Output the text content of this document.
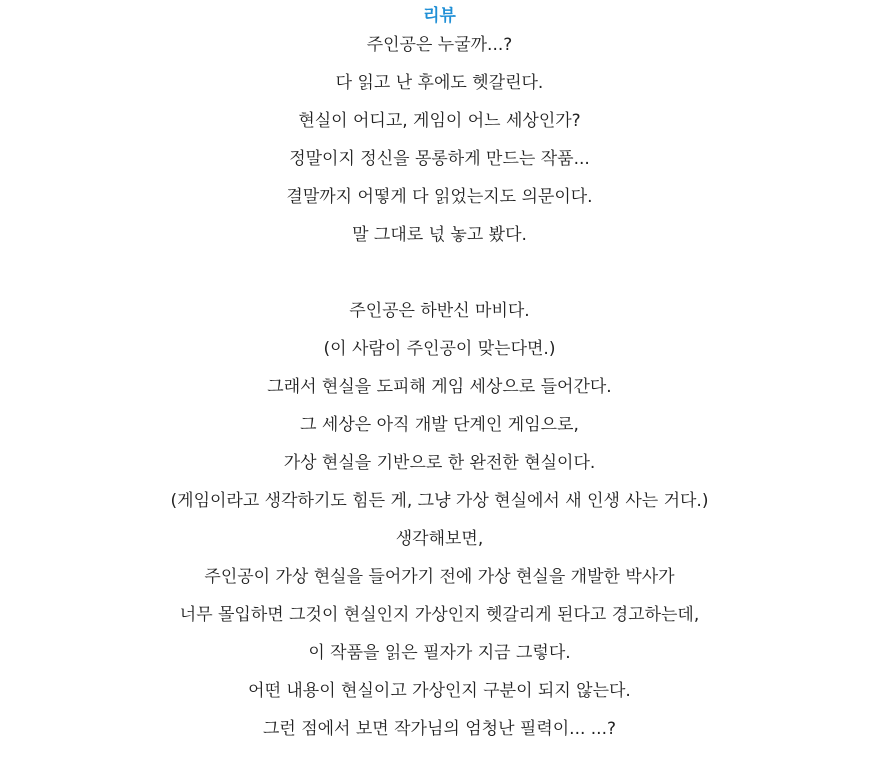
리뷰
주인공은 누굴까...?
다 읽고 난 후에도 헷갈린다.
현실이 어디고, 게임이 어느 세상인가?
정말이지 정신을 몽롱하게 만드는 작품...
결말까지 어떻게 다 읽었는지도 의문이다.
말 그대로 넋 놓고 봤다.
주인공은 하반신 마비다.
(이 사람이 주인공이 맞는다면.)
그래서 현실을 도피해 게임 세상으로 들어간다.
그 세상은 아직 개발 단계인 게임으로,
가상 현실을 기반으로 한 완전한 현실이다.
(게임이라고 생각하기도 힘든 게, 그냥 가상 현실에서 새 인생 사는 거다.)
생각해보면,
주인공이 가상 현실을 들어가기 전에 가상 현실을 개발한 박사가
너무 몰입하면 그것이 현실인지 가상인지 헷갈리게 된다고 경고하는데,
이 작품을 읽은 필자가 지금 그렇다.
어떤 내용이 현실이고 가상인지 구분이 되지 않는다.
그런 점에서 보면 작가님의 엄청난 필력이... ...?
